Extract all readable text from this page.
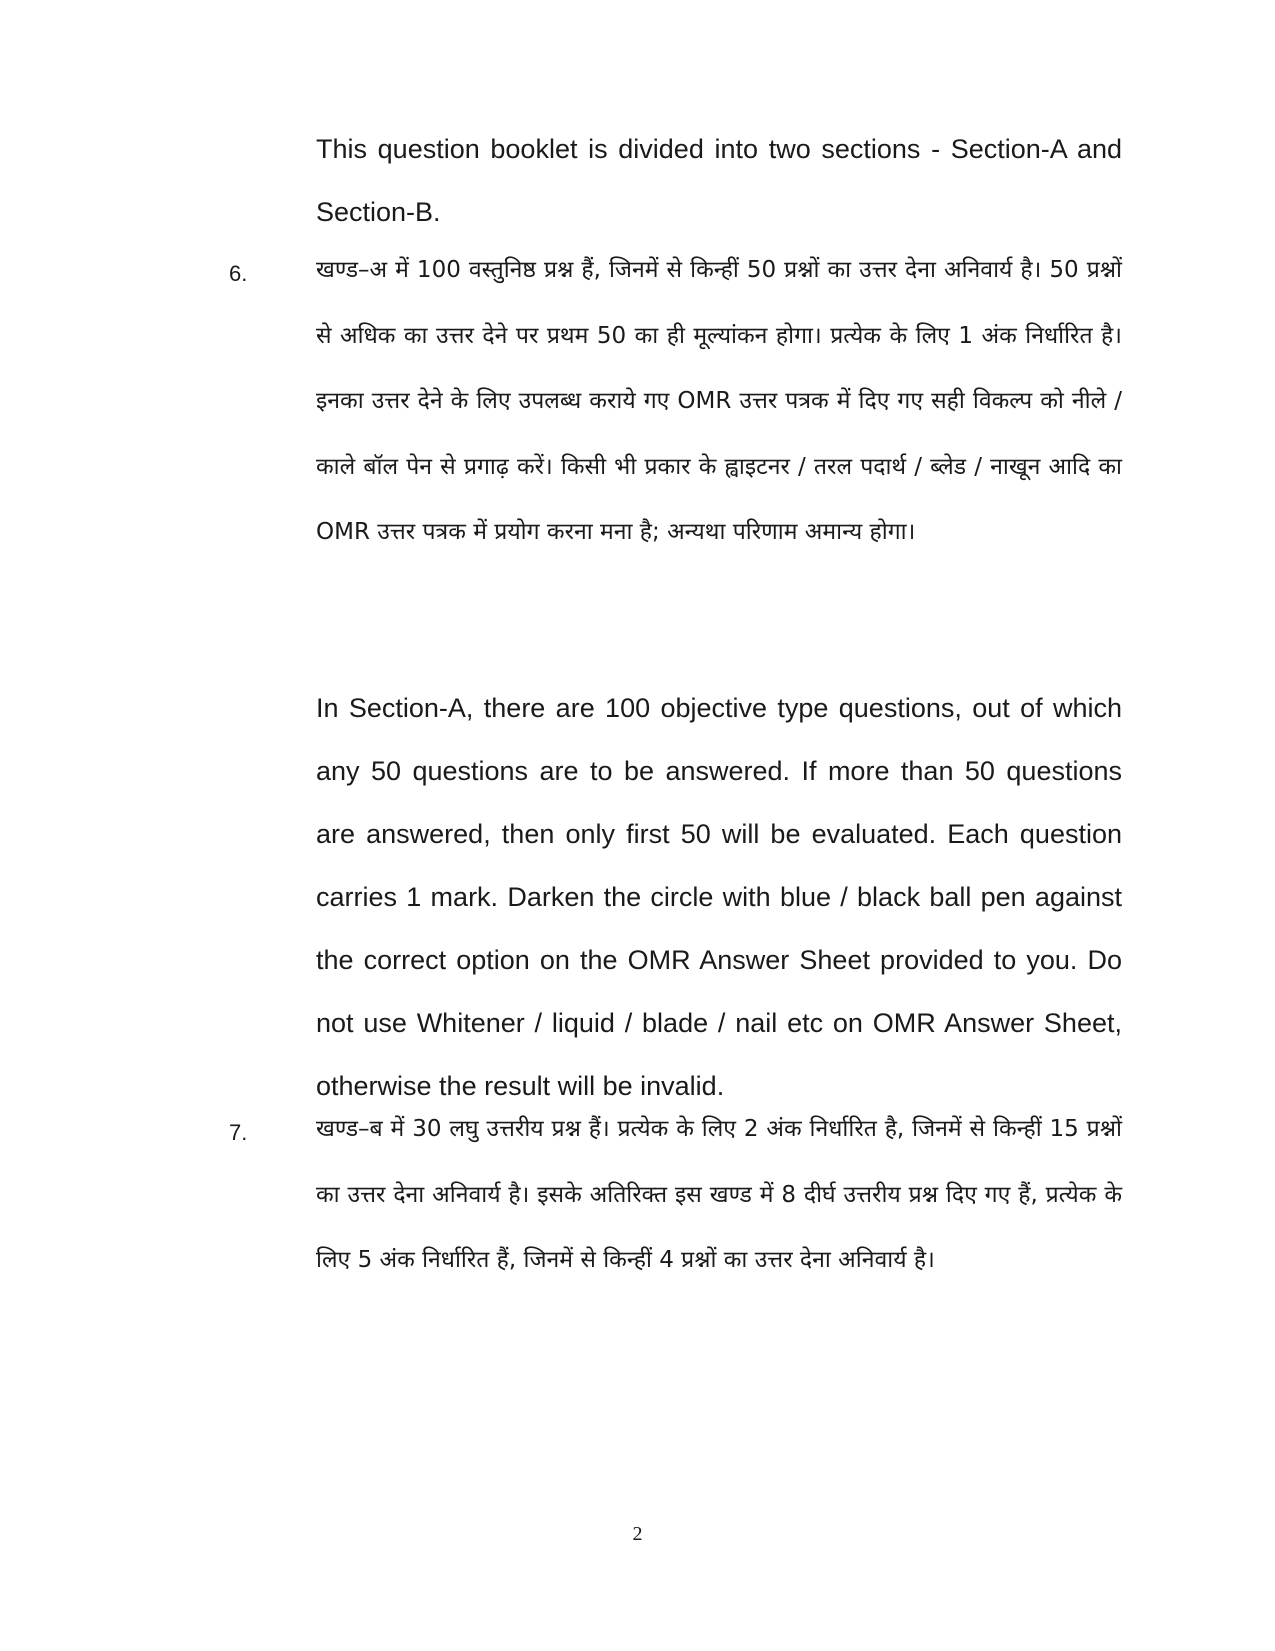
This question booklet is divided into two sections - Section-A and Section-B.

6.	खण्ड–अ में 100 वस्तुनिष्ठ प्रश्न हैं, जिनमें से किन्हीं 50 प्रश्नों का उत्तर देना अनिवार्य है। 50 प्रश्नों से अधिक का उत्तर देने पर प्रथम 50 का ही मूल्यांकन होगा। प्रत्येक के लिए 1 अंक निर्धारित है। इनका उत्तर देने के लिए उपलब्ध कराये गए OMR उत्तर पत्रक में दिए गए सही विकल्प को नीले / काले बॉल पेन से प्रगाढ़ करें। किसी भी प्रकार के ह्वाइटनर / तरल पदार्थ / ब्लेड / नाखून आदि का OMR उत्तर पत्रक में प्रयोग करना मना है; अन्यथा परिणाम अमान्य होगा।

In Section-A, there are 100 objective type questions, out of which any 50 questions are to be answered. If more than 50 questions are answered, then only first 50 will be evaluated. Each question carries 1 mark. Darken the circle with blue / black ball pen against the correct option on the OMR Answer Sheet provided to you. Do not use Whitener / liquid / blade / nail etc on OMR Answer Sheet, otherwise the result will be invalid.

7.	खण्ड–ब में 30 लघु उत्तरीय प्रश्न हैं। प्रत्येक के लिए 2 अंक निर्धारित है, जिनमें से किन्हीं 15 प्रश्नों का उत्तर देना अनिवार्य है। इसके अतिरिक्त इस खण्ड में 8 दीर्घ उत्तरीय प्रश्न दिए गए हैं, प्रत्येक के लिए 5 अंक निर्धारित हैं, जिनमें से किन्हीं 4 प्रश्नों का उत्तर देना अनिवार्य है।

2
